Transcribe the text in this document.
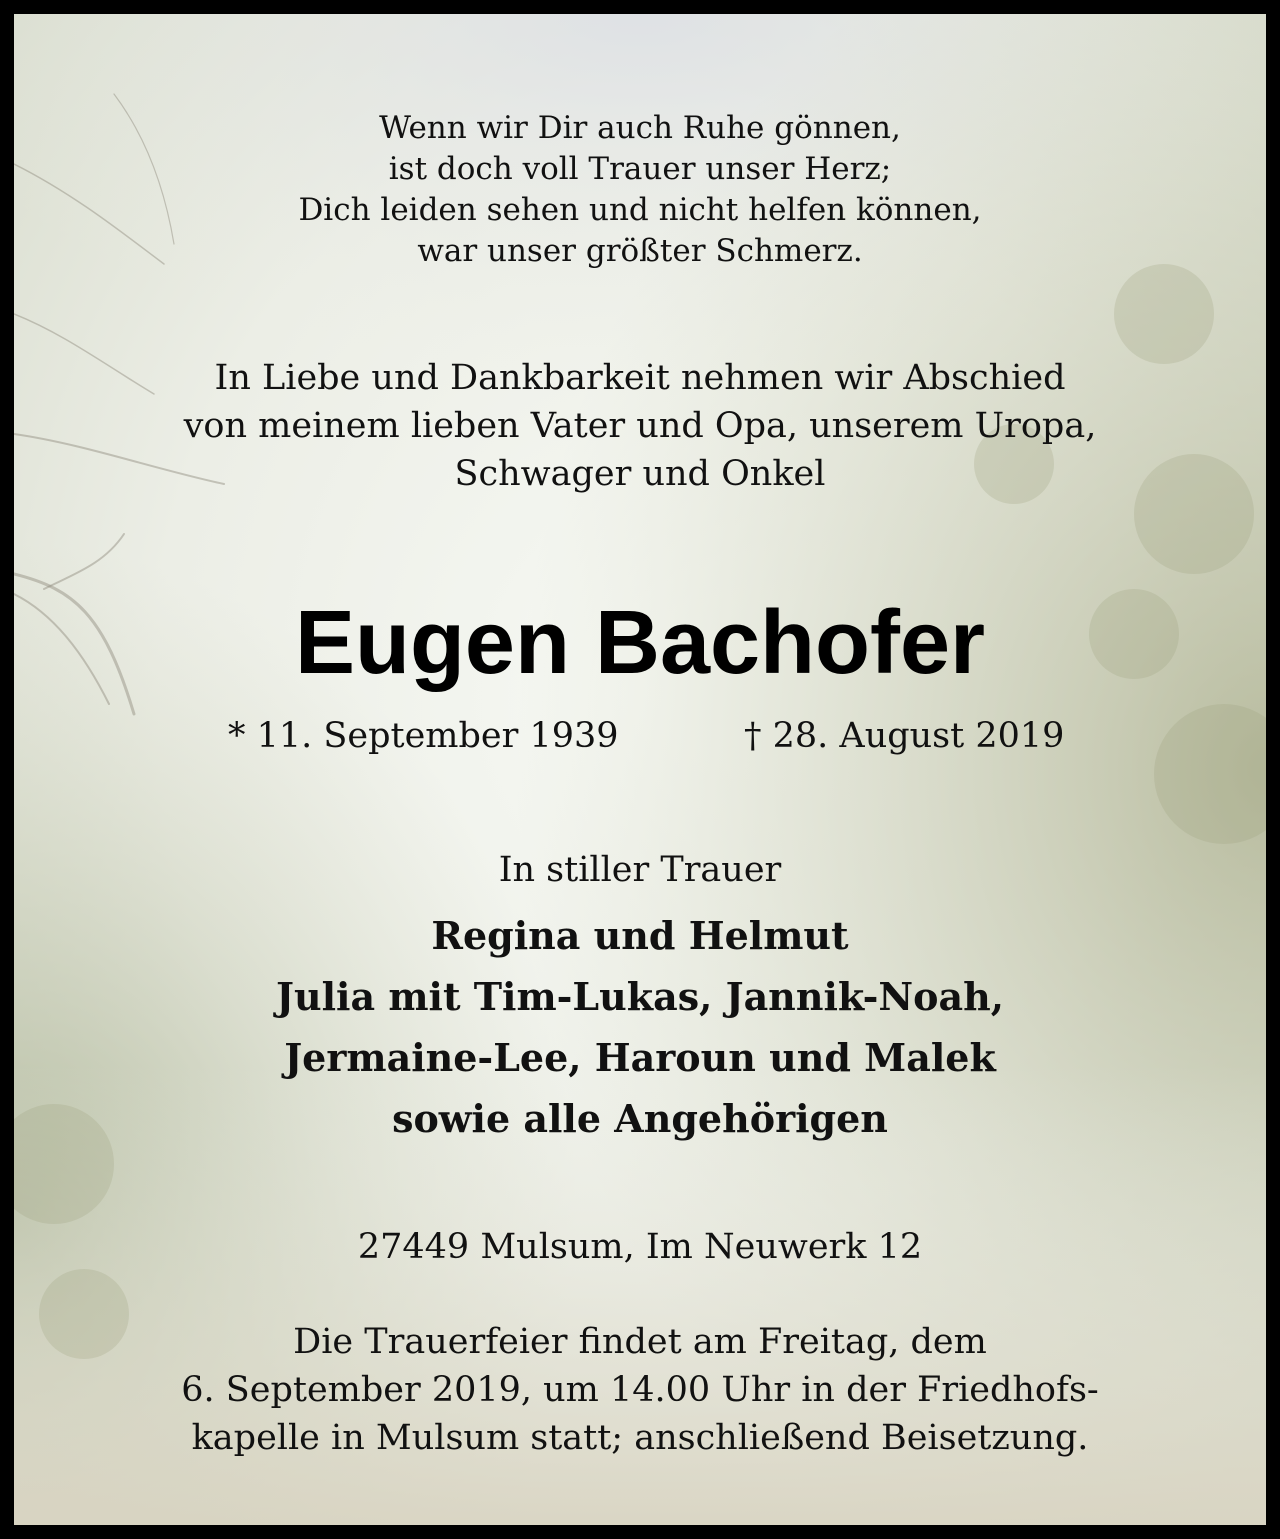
Wenn wir Dir auch Ruhe gönnen,
ist doch voll Trauer unser Herz;
Dich leiden sehen und nicht helfen können,
war unser größter Schmerz.
In Liebe und Dankbarkeit nehmen wir Abschied
von meinem lieben Vater und Opa, unserem Uropa,
Schwager und Onkel
Eugen Bachofer
* 11. September 1939	† 28. August 2019
In stiller Trauer
Regina und Helmut
Julia mit Tim-Lukas, Jannik-Noah,
Jermaine-Lee, Haroun und Malek
sowie alle Angehörigen
27449 Mulsum, Im Neuwerk 12
Die Trauerfeier findet am Freitag, dem
6. September 2019, um 14.00 Uhr in der Friedhofs-
kapelle in Mulsum statt; anschließend Beisetzung.
